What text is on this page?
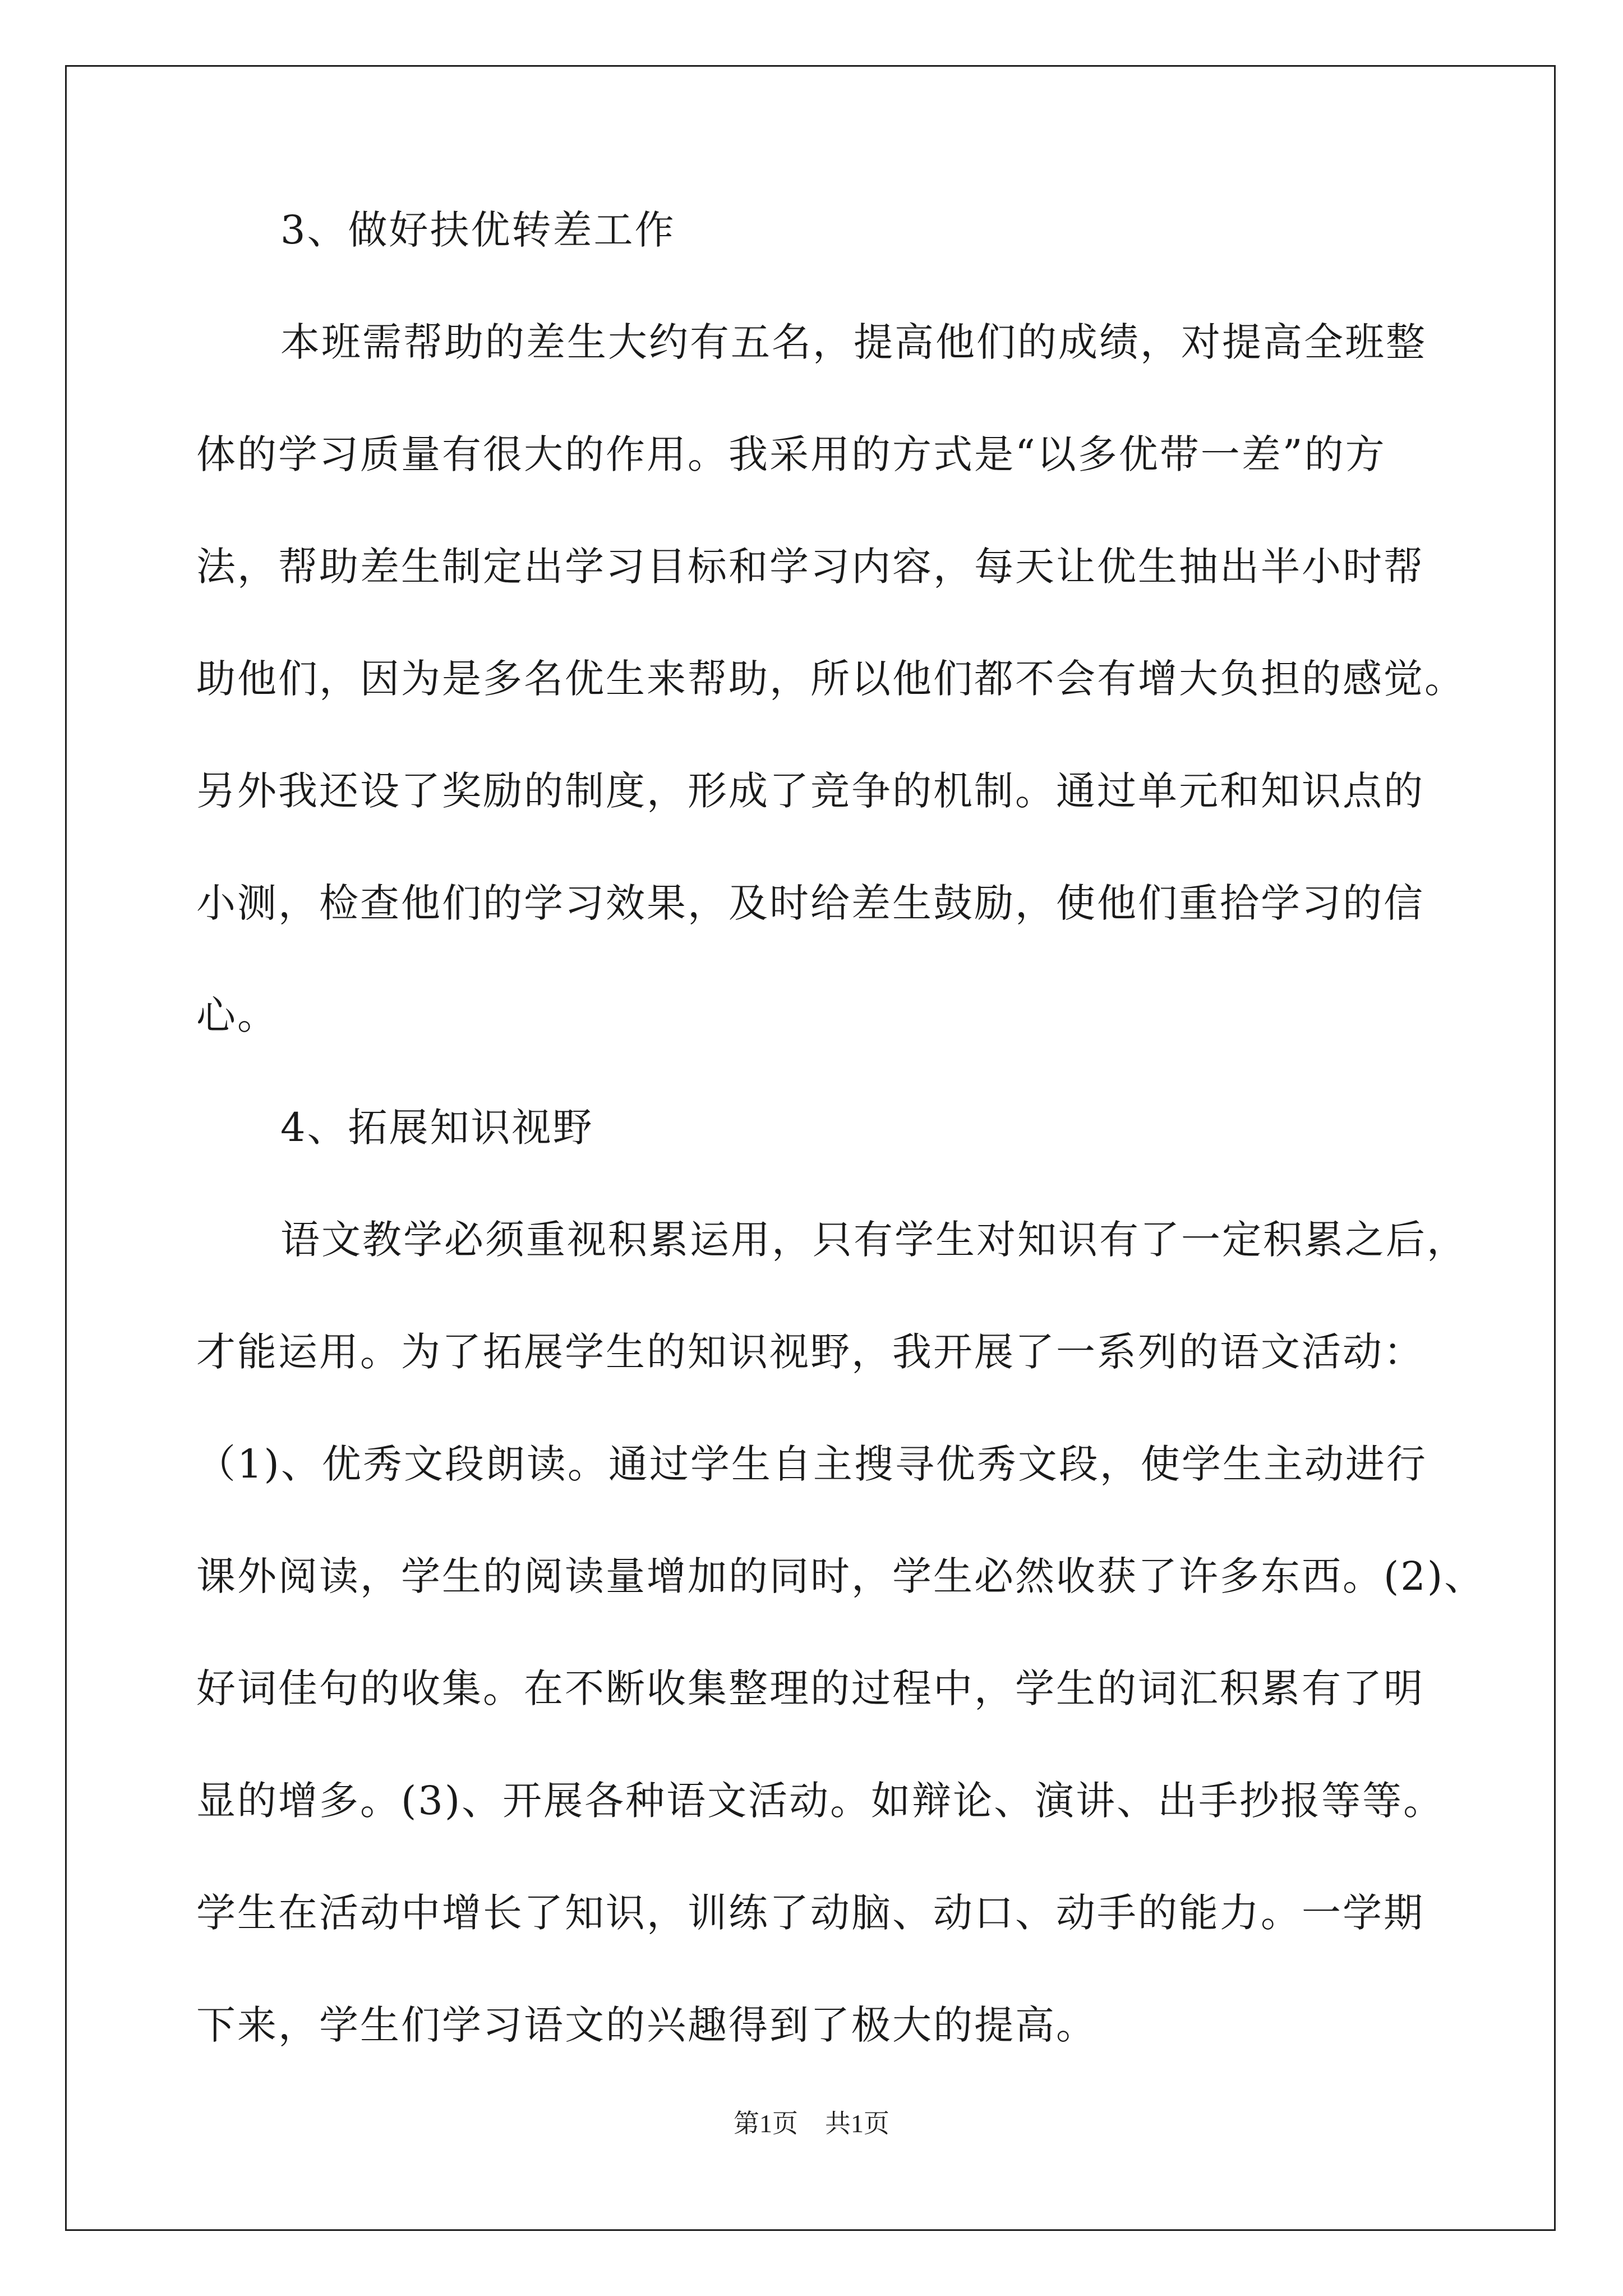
3、做好扶优转差工作
本班需帮助的差生大约有五名，提高他们的成绩，对提高全班整
体的学习质量有很大的作用。我采用的方式是“以多优带一差”的方
法，帮助差生制定出学习目标和学习内容，每天让优生抽出半小时帮
助他们，因为是多名优生来帮助，所以他们都不会有增大负担的感觉。
另外我还设了奖励的制度，形成了竞争的机制。通过单元和知识点的
小测，检查他们的学习效果，及时给差生鼓励，使他们重拾学习的信
心。
4、拓展知识视野
语文教学必须重视积累运用，只有学生对知识有了一定积累之后，
才能运用。为了拓展学生的知识视野，我开展了一系列的语文活动：
（1)、优秀文段朗读。通过学生自主搜寻优秀文段，使学生主动进行
课外阅读，学生的阅读量增加的同时，学生必然收获了许多东西。(2)、
好词佳句的收集。在不断收集整理的过程中，学生的词汇积累有了明
显的增多。(3)、开展各种语文活动。如辩论、演讲、出手抄报等等。
学生在活动中增长了知识，训练了动脑、动口、动手的能力。一学期
下来，学生们学习语文的兴趣得到了极大的提高。
第1页 共1页
